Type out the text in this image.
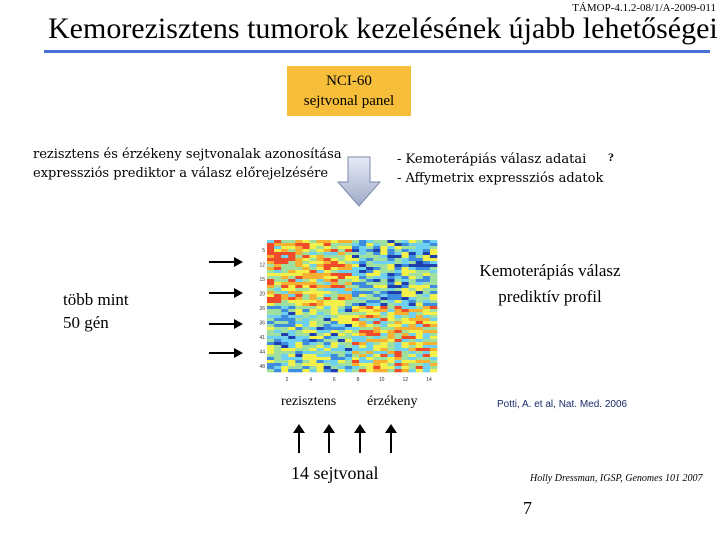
TÁMOP-4.1.2-08/1/A-2009-011
Kemorezisztens tumorok kezelésének újabb lehetőségei
NCI-60
sejtvonal panel
rezisztens és érzékeny sejtvonalak azonosítása
expressziós prediktor a válasz előrejelzésére
- Kemoterápiás válasz adatai
- Affymetrix expressziós adatok
?
5
12
15
20
26
36
41
44
48
2	4	6	8	10	12	14
Kemoterápiás válasz
prediktív profil
több mint
50 gén
rezisztens érzékeny	Potti, A. et al, Nat. Med. 2006
14 sejtvonal	Holly Dressman, IGSP, Genomes 101 2007
7
